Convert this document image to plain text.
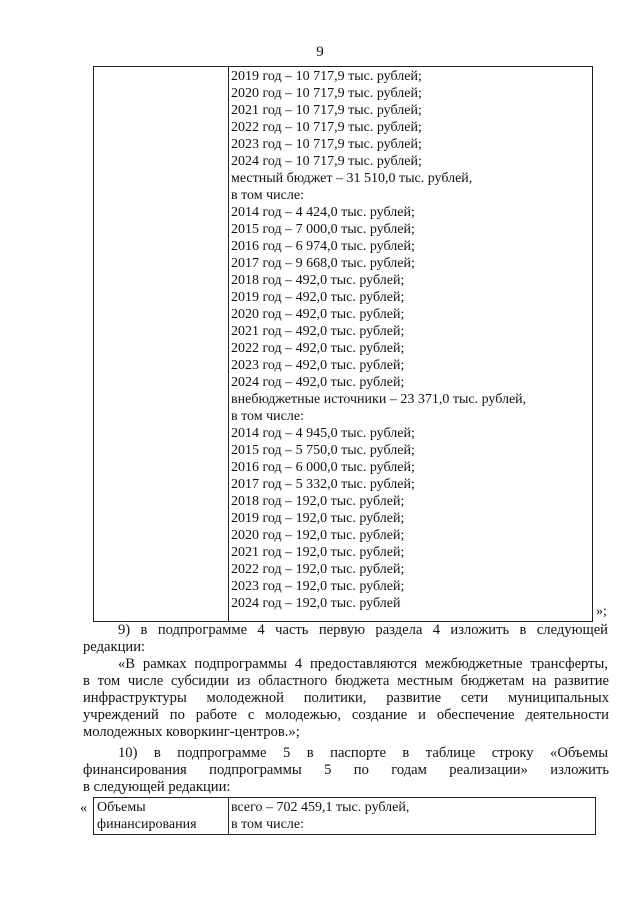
9
2019 год – 10 717,9 тыс. рублей;
2020 год – 10 717,9 тыс. рублей;
2021 год – 10 717,9 тыс. рублей;
2022 год – 10 717,9 тыс. рублей;
2023 год – 10 717,9 тыс. рублей;
2024 год – 10 717,9 тыс. рублей;
местный бюджет – 31 510,0 тыс. рублей,
в том числе:
2014 год – 4 424,0 тыс. рублей;
2015 год – 7 000,0 тыс. рублей;
2016 год – 6 974,0 тыс. рублей;
2017 год – 9 668,0 тыс. рублей;
2018 год – 492,0 тыс. рублей;
2019 год – 492,0 тыс. рублей;
2020 год – 492,0 тыс. рублей;
2021 год – 492,0 тыс. рублей;
2022 год – 492,0 тыс. рублей;
2023 год – 492,0 тыс. рублей;
2024 год – 492,0 тыс. рублей;
внебюджетные источники – 23 371,0 тыс. рублей,
в том числе:
2014 год – 4 945,0 тыс. рублей;
2015 год – 5 750,0 тыс. рублей;
2016 год – 6 000,0 тыс. рублей;
2017 год – 5 332,0 тыс. рублей;
2018 год – 192,0 тыс. рублей;
2019 год – 192,0 тыс. рублей;
2020 год – 192,0 тыс. рублей;
2021 год – 192,0 тыс. рублей;
2022 год – 192,0 тыс. рублей;
2023 год – 192,0 тыс. рублей;
2024 год – 192,0 тыс. рублей
»;
9) в подпрограмме 4 часть первую раздела 4 изложить в следующей
редакции:
«В рамках подпрограммы 4 предоставляются межбюджетные трансферты,
в том числе субсидии из областного бюджета местным бюджетам на развитие
инфраструктуры молодежной политики, развитие сети муниципальных
учреждений по работе с молодежью, создание и обеспечение деятельности
молодежных коворкинг-центров.»;
10) в подпрограмме 5 в паспорте в таблице строку «Объемы
финансирования подпрограммы 5 по годам реализации» изложить
в следующей редакции:
« Объемы
финансирования
всего – 702 459,1 тыс. рублей,
в том числе:
